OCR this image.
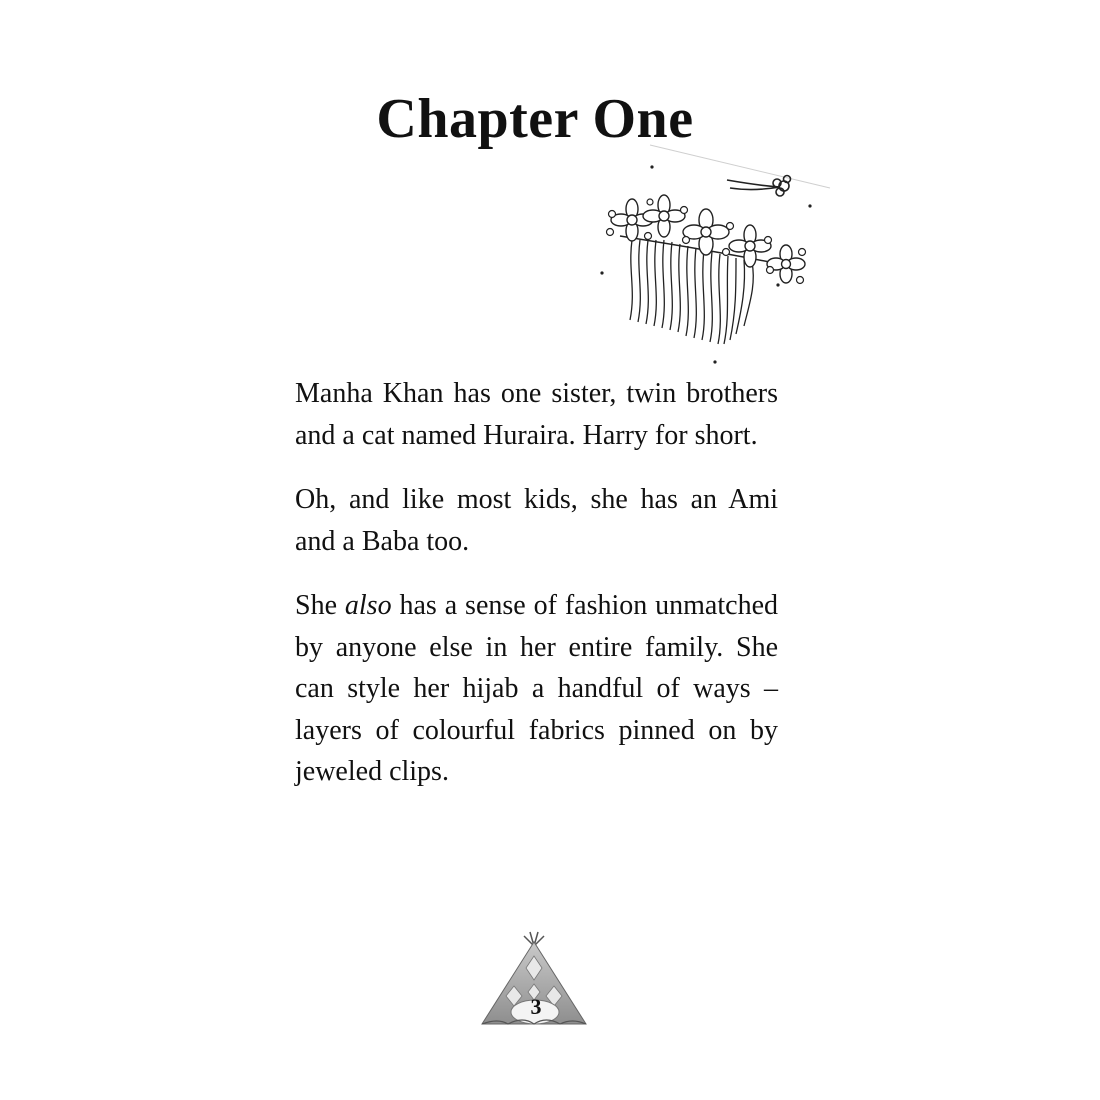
Chapter One

Manha Khan has one sister, twin brothers and a cat named Huraira. Harry for short.

Oh, and like most kids, she has an Ami and a Baba too.

She also has a sense of fashion unmatched by anyone else in her entire family. She can style her hijab a handful of ways – layers of colourful fabrics pinned on by jeweled clips.

3
